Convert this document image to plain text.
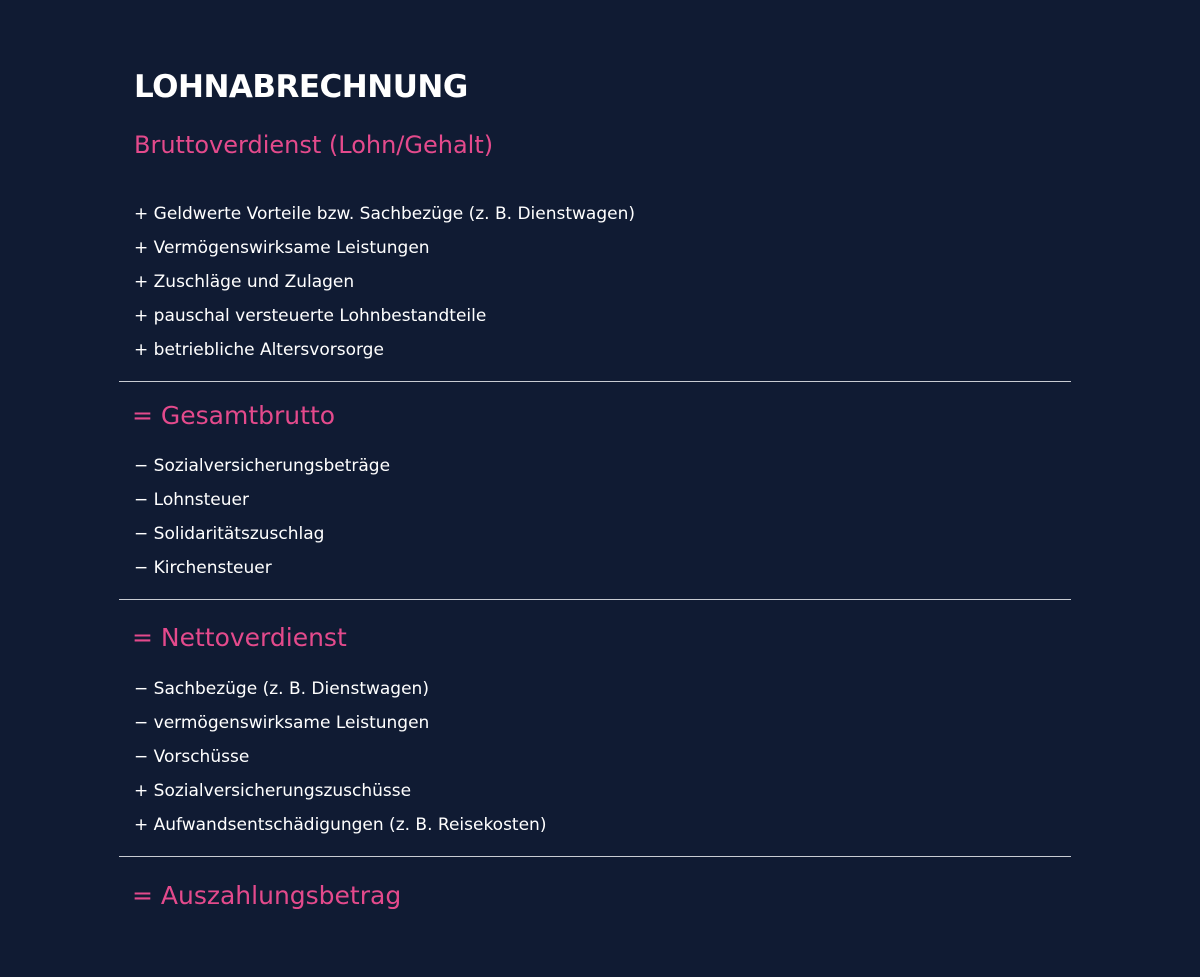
LOHNABRECHNUNG
Bruttoverdienst (Lohn/Gehalt)
+ Geldwerte Vorteile bzw. Sachbezüge (z. B. Dienstwagen)
+ Vermögenswirksame Leistungen
+ Zuschläge und Zulagen
+ pauschal versteuerte Lohnbestandteile
+ betriebliche Altersvorsorge
= Gesamtbrutto
− Sozialversicherungsbeträge
− Lohnsteuer
− Solidaritätszuschlag
− Kirchensteuer
= Nettoverdienst
− Sachbezüge (z. B. Dienstwagen)
− vermögenswirksame Leistungen
− Vorschüsse
+ Sozialversicherungszuschüsse
+ Aufwandsentschädigungen (z. B. Reisekosten)
= Auszahlungsbetrag
